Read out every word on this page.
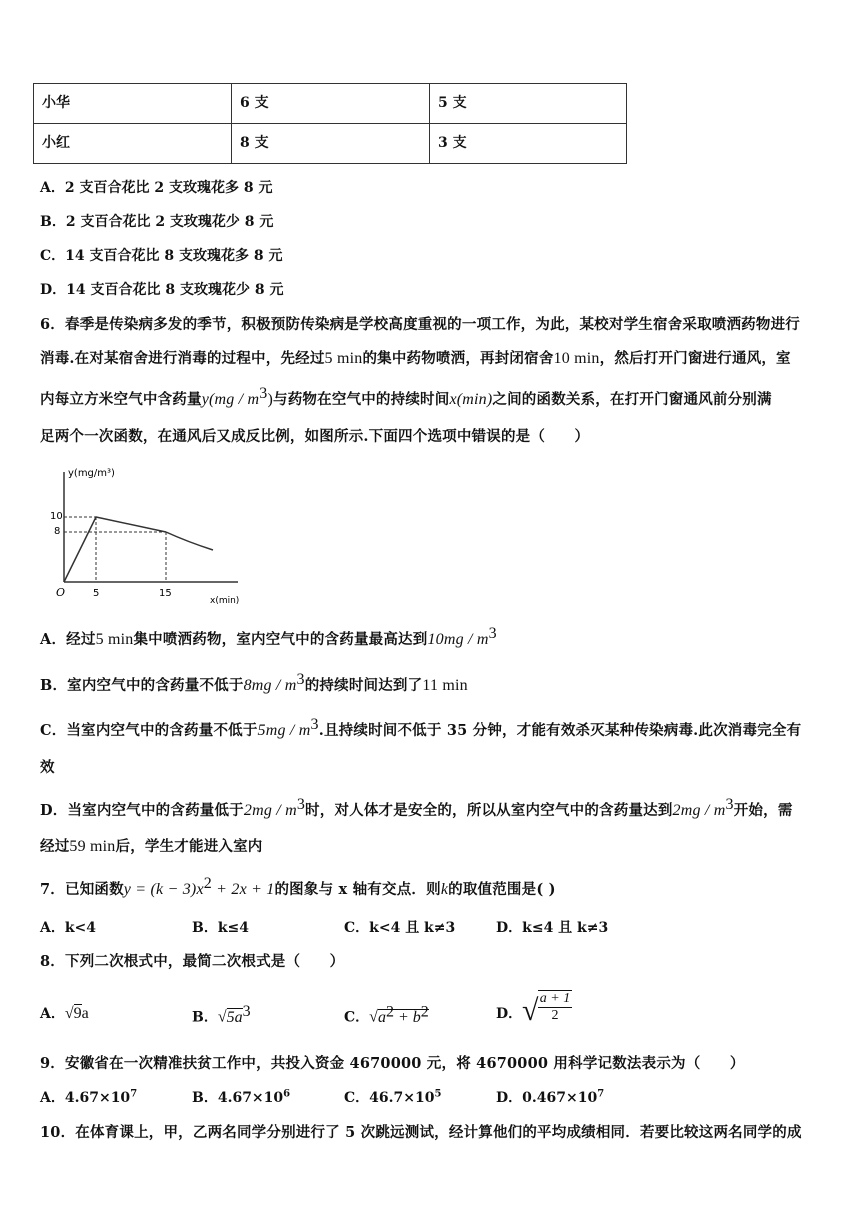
小华	6 支	5 支
小红	8 支	3 支
A．2 支百合花比 2 支玫瑰花多 8 元
B．2 支百合花比 2 支玫瑰花少 8 元
C．14 支百合花比 8 支玫瑰花多 8 元
D．14 支百合花比 8 支玫瑰花少 8 元
6．春季是传染病多发的季节，积极预防传染病是学校高度重视的一项工作，为此，某校对学生宿舍采取喷洒药物进行
消毒.在对某宿舍进行消毒的过程中，先经过5 min的集中药物喷洒，再封闭宿舍10 min，然后打开门窗进行通风，室
内每立方米空气中含药量$y(mg / m^3)$与药物在空气中的持续时间x(min)之间的函数关系，在打开门窗通风前分别满
足两个一次函数，在通风后又成反比例，如图所示.下面四个选项中错误的是（　　）
y(mg/m³)
10
8
O	5	15
x(min)
A．经过5 min集中喷洒药物，室内空气中的含药量最高达到$10mg / m^3$
B．室内空气中的含药量不低于$8mg / m^3$的持续时间达到了11 min
C．当室内空气中的含药量不低于$5mg / m^3$.且持续时间不低于 35 分钟，才能有效杀灭某种传染病毒.此次消毒完全有
效
D．当室内空气中的含药量低于$2mg / m^3$时，对人体才是安全的，所以从室内空气中的含药量达到$2mg / m^3$开始，需
经过59 min后，学生才能进入室内
7．已知函数$y = (k - 3)x^2 + 2x + 1$的图象与 x 轴有交点．则k的取值范围是( )
A．k<4	B．k≤4	C．k<4 且 k≠3	D．k≤4 且 k≠3
8．下列二次根式中，最简二次根式是（　　）
A．√9a	B．$√5a^3$	C．$√a^2 + b^2$	D． √ a + 1
2
9．安徽省在一次精准扶贫工作中，共投入资金 4670000 元，将 4670000 用科学记数法表示为（　　）
A．$4.67\times 10^7$	B．$4.67\times 10^6$	C．$46.7\times 10^5$	D．$0.467\times 10^7$
10．在体育课上，甲，乙两名同学分别进行了 5 次跳远测试，经计算他们的平均成绩相同．若要比较这两名同学的成
